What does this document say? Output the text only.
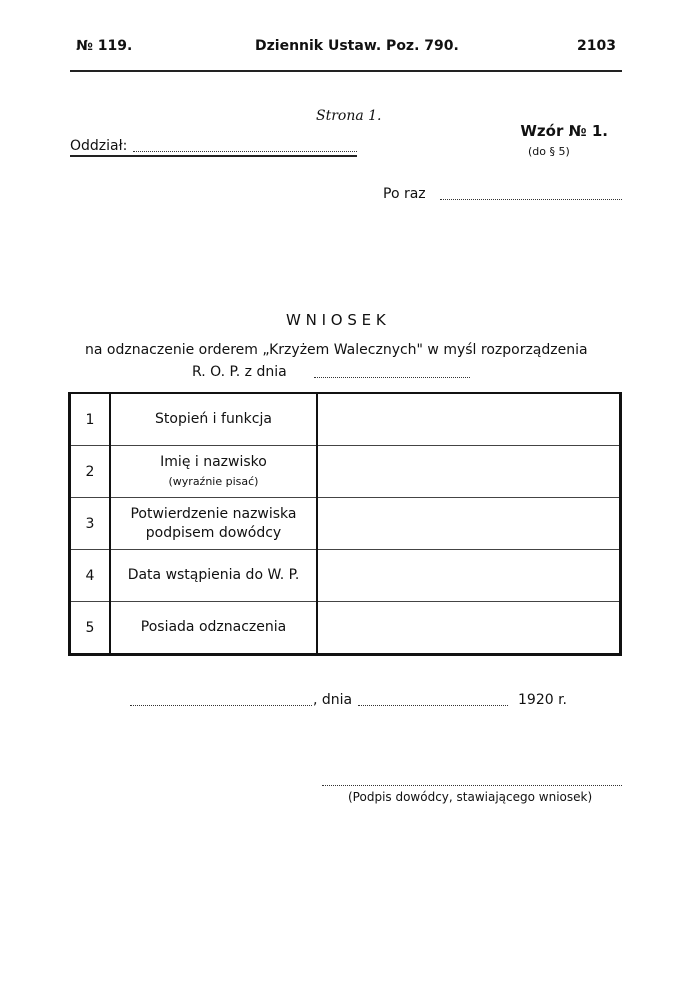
№ 119.	Dziennik Ustaw. Poz. 790.	2103
Strona 1.
Oddział:
Wzór № 1.
(do § 5)
Po raz
W N I O S E K
na odznaczenie orderem „Krzyżem Walecznych" w myśl rozporządzenia
R. O. P. z dnia
1	Stopień i funkcja	
2	Imię i nazwisko
(wyraźnie pisać)	
3	Potwierdzenie nazwiska podpisem dowódcy	
4	Data wstąpienia do W. P.	
5	Posiada odznaczenia	
, dnia	1920 r.
(Podpis dowódcy, stawiającego wniosek)
